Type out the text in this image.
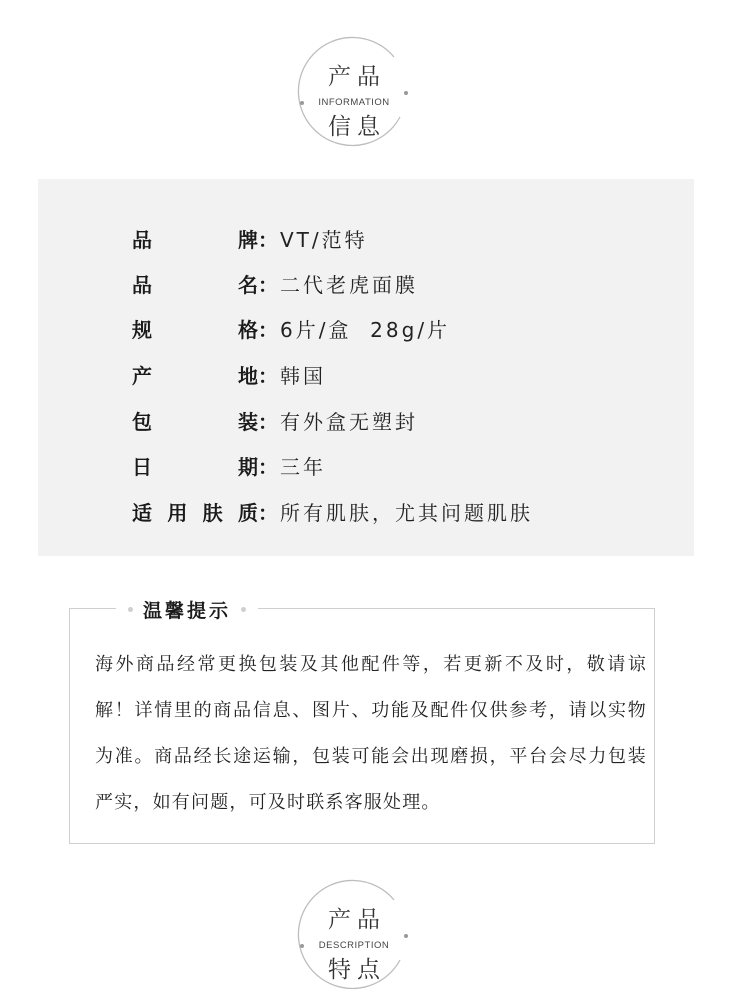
产品
INFORMATION
信息
品	牌 ： VT/范特
品	名 ： 二代老虎面膜
规	格 ： 6片/盒  28g/片
产	地 ： 韩国
包	装 ： 有外盒无塑封
日	期 ： 三年
适 用 肤 质 ： 所有肌肤，尤其问题肌肤
温馨提示

海外商品经常更换包装及其他配件等，若更新不及时，敬请谅解！详情里的商品信息、图片、功能及配件仅供参考，请以实物为准。商品经长途运输，包装可能会出现磨损，平台会尽力包装严实，如有问题，可及时联系客服处理。

产品
DESCRIPTION
特点
